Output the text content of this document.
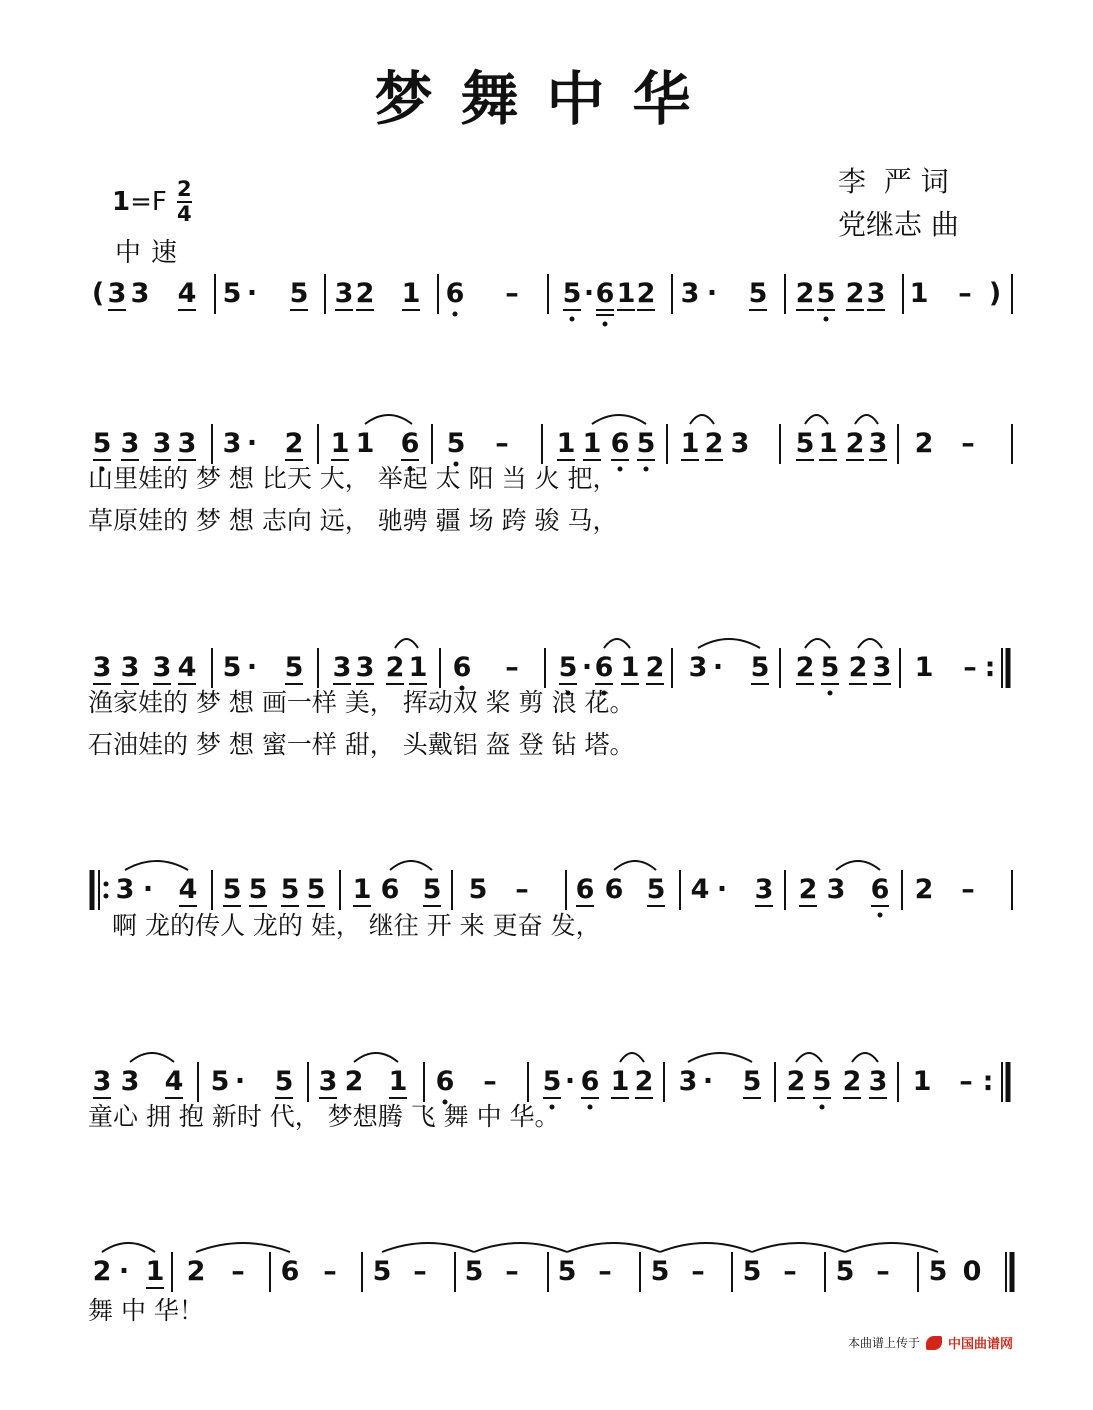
梦舞中华
$1 =F \frac{2}{4}$
中速
李  严 词
党继志 曲
( 3 3 4 5 · 5 3 2 1 6 – 5 · 6 1 2 3 · 5 2 5 2 3 1 – )
5 3 3 3 3 · 2 1 1 6 5 – 1 1 6 5 1 2 3 5 1 2 3 2 –
3 3 3 4 5 · 5 3 3 2 1 6 – 5 · 6 1 2 3 · 5 2 5 2 3 1 – :
3 · 4 5 5 5 5 1 6 5 5 – 6 6 5 4 · 3 2 3 6 2 –
3 3 4 5 · 5 3 2 1 6 – 5 · 6 1 2 3 · 5 2 5 2 3 1 – :
2 · 1 2 – 6 – 5 – 5 – 5 – 5 – 5 – 5 – 5 0
山里娃的 梦 想 比天 大， 举起 太 阳 当 火 把，
草原娃的 梦 想 志向 远， 驰骋 疆 场 跨 骏 马，
渔家娃的 梦 想 画一样 美， 挥动双 桨 剪 浪 花。
石油娃的 梦 想 蜜一样 甜， 头戴铝 盔 登 钻 塔。
啊 龙的传人 龙的 娃， 继往 开 来 更奋 发，
童心 拥 抱 新时 代， 梦想腾 飞 舞 中 华。
舞 中 华！
本曲谱上传于 中国曲谱网
